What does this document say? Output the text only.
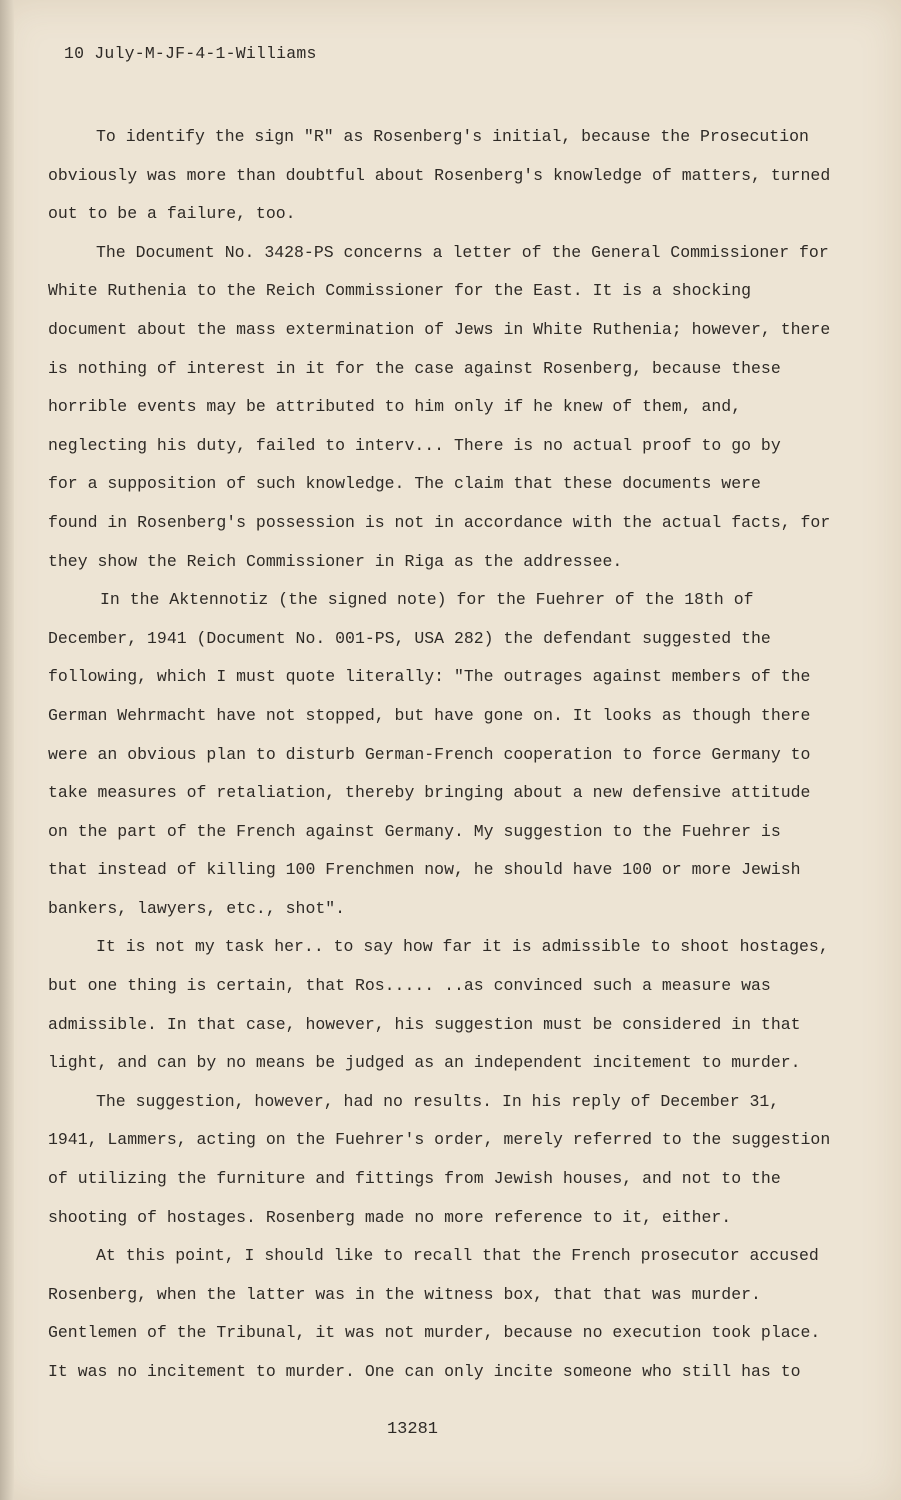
10 July-M-JF-4-1-Williams
To identify the sign "R" as Rosenberg's initial, because the Prosecution
obviously was more than doubtful about Rosenberg's knowledge of matters, turned
out to be a failure, too.
The Document No. 3428-PS concerns a letter of the General Commissioner for
White Ruthenia to the Reich Commissioner for the East. It is a shocking
document about the mass extermination of Jews in White Ruthenia; however, there
is nothing of interest in it for the case against Rosenberg, because these
horrible events may be attributed to him only if he knew of them, and,
neglecting his duty, failed to interv... There is no actual proof to go by
for a supposition of such knowledge. The claim that these documents were
found in Rosenberg's possession is not in accordance with the actual facts, for
they show the Reich Commissioner in Riga as the addressee.
In the Aktennotiz (the signed note) for the Fuehrer of the 18th of
December, 1941 (Document No. 001-PS, USA 282) the defendant suggested the
following, which I must quote literally: "The outrages against members of the
German Wehrmacht have not stopped, but have gone on. It looks as though there
were an obvious plan to disturb German-French cooperation to force Germany to
take measures of retaliation, thereby bringing about a new defensive attitude
on the part of the French against Germany. My suggestion to the Fuehrer is
that instead of killing 100 Frenchmen now, he should have 100 or more Jewish
bankers, lawyers, etc., shot".
It is not my task her.. to say how far it is admissible to shoot hostages,
but one thing is certain, that Ros..... ..as convinced such a measure was
admissible. In that case, however, his suggestion must be considered in that
light, and can by no means be judged as an independent incitement to murder.
The suggestion, however, had no results. In his reply of December 31,
1941, Lammers, acting on the Fuehrer's order, merely referred to the suggestion
of utilizing the furniture and fittings from Jewish houses, and not to the
shooting of hostages. Rosenberg made no more reference to it, either.
At this point, I should like to recall that the French prosecutor accused
Rosenberg, when the latter was in the witness box, that that was murder.
Gentlemen of the Tribunal, it was not murder, because no execution took place.
It was no incitement to murder. One can only incite someone who still has to
13281
